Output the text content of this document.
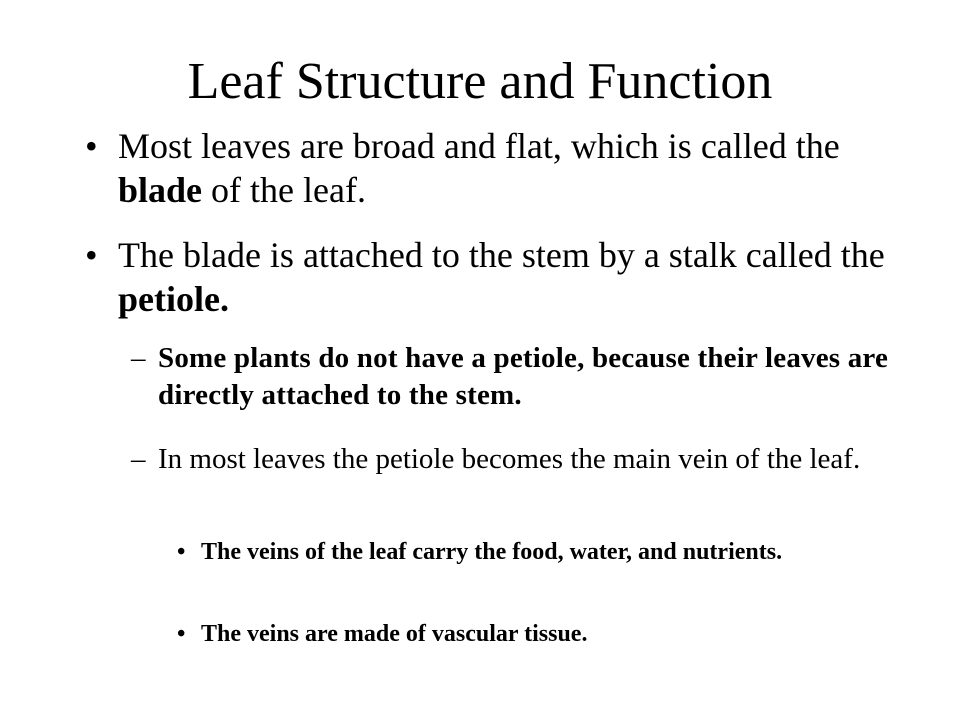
Leaf Structure and Function
• Most leaves are broad and flat, which is called the blade of the leaf.
• The blade is attached to the stem by a stalk called the petiole.
– Some plants do not have a petiole, because their leaves are directly attached to the stem.
– In most leaves the petiole becomes the main vein of the leaf.
• The veins of the leaf carry the food, water, and nutrients.
• The veins are made of vascular tissue.
